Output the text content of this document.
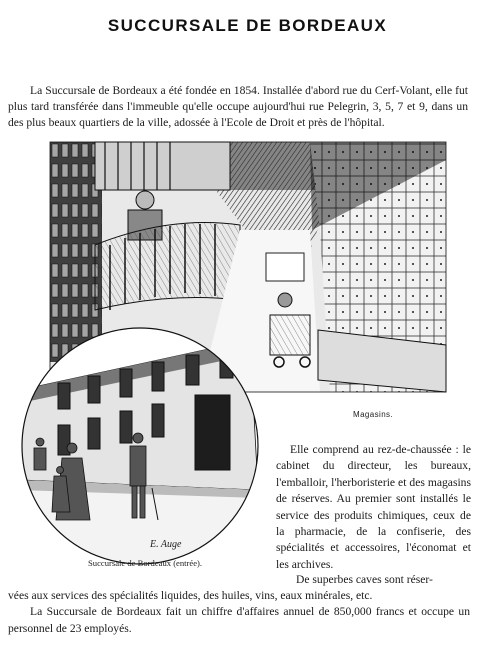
SUCCURSALE DE BORDEAUX

La Succursale de Bordeaux a été fondée en 1854. Installée d'abord rue du Cerf-Volant, elle fut plus tard transférée dans l'immeuble qu'elle occupe aujourd'hui rue Pelegrin, 3, 5, 7 et 9, dans un des plus beaux quartiers de la ville, adossée à l'Ecole de Droit et près de l'hôpital.

Magasins.
E. Auge
Succursale de Bordeaux (entrée).

Elle comprend au rez-de-chaussée : le cabinet du directeur, les bureaux, l'emballoir, l'herboristerie et des magasins de réserves. Au premier sont installés le service des produits chimiques, ceux de la pharmacie, de la confiserie, des spécialités et accessoires, l'économat et les archives.

De superbes caves sont réser-

vées aux services des spécialités liquides, des huiles, vins, eaux minérales, etc.

La Succursale de Bordeaux fait un chiffre d'affaires annuel de 850,000 francs et occupe un personnel de 23 employés.
